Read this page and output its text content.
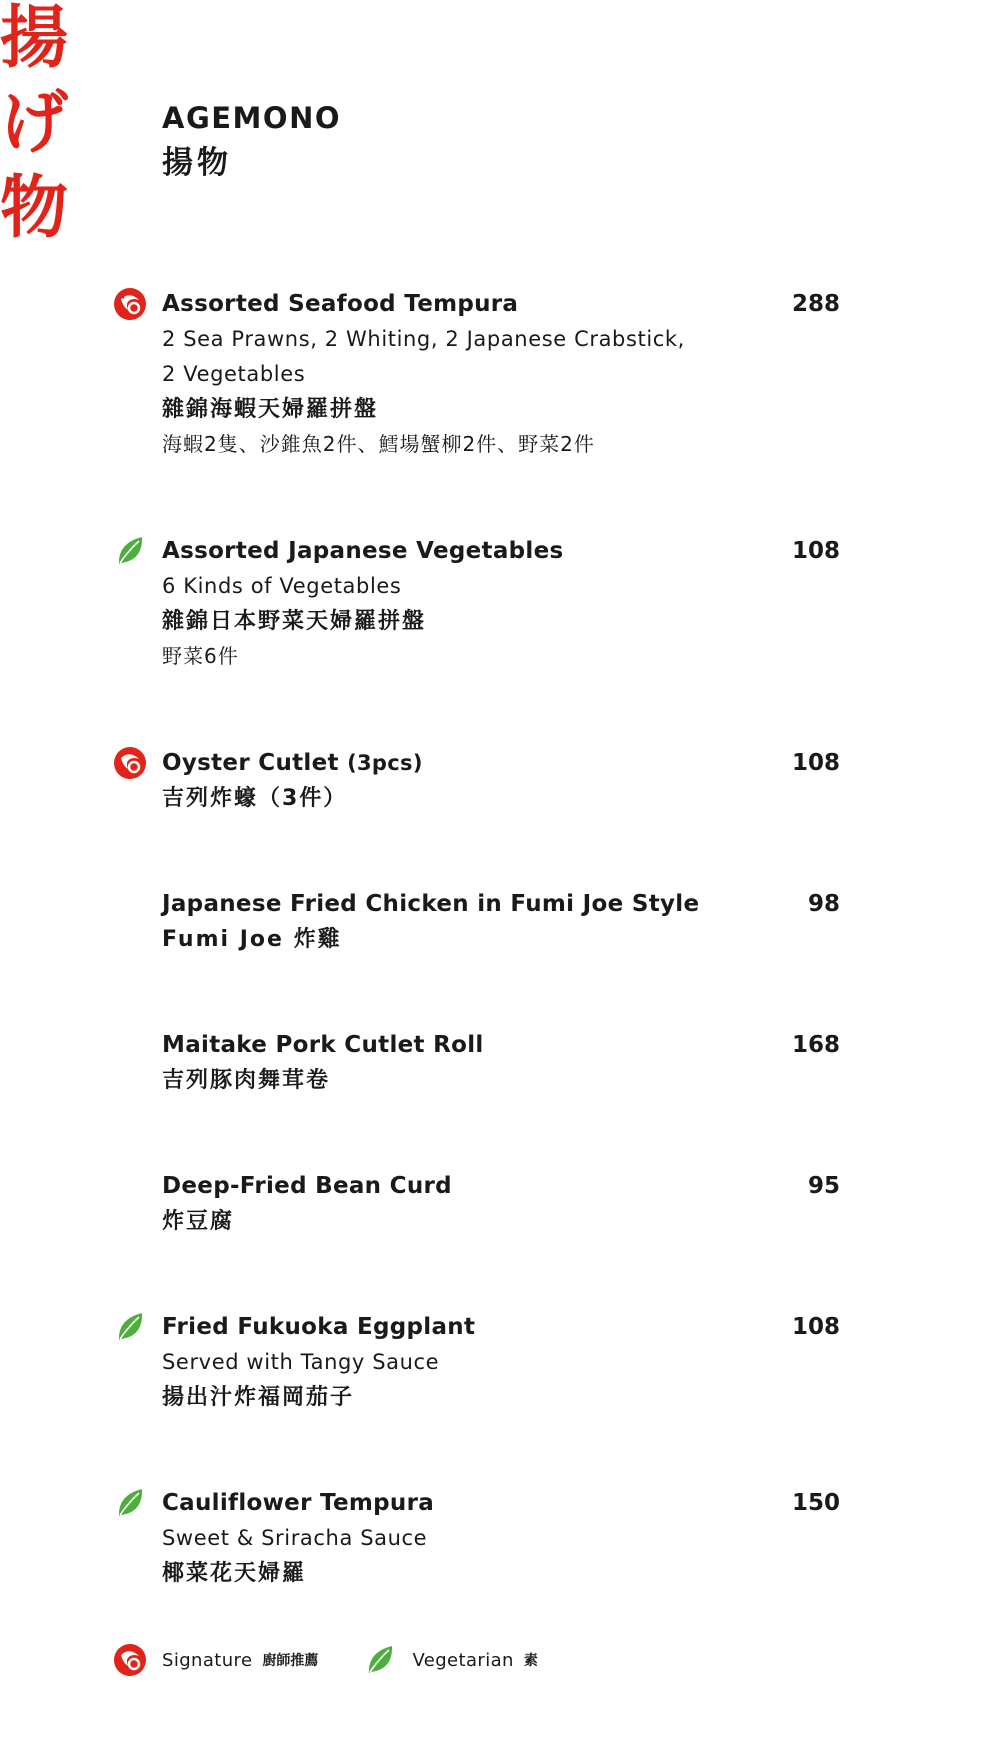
揚
げ
物
AGEMONO
揚物
Assorted Seafood Tempura
2 Sea Prawns, 2 Whiting, 2 Japanese Crabstick,
2 Vegetables
雜錦海蝦天婦羅拼盤
海蝦2隻、沙錐魚2件、鱈場蟹柳2件、野菜2件
288
Assorted Japanese Vegetables
6 Kinds of Vegetables
雜錦日本野菜天婦羅拼盤
野菜6件
108
Oyster Cutlet (3pcs)
吉列炸蠔（3件）
108
Japanese Fried Chicken in Fumi Joe Style
Fumi Joe 炸雞
98
Maitake Pork Cutlet Roll
吉列豚肉舞茸卷
168
Deep-Fried Bean Curd
炸豆腐
95
Fried Fukuoka Eggplant
Served with Tangy Sauce
揚出汁炸福岡茄子
108
Cauliflower Tempura
Sweet & Sriracha Sauce
椰菜花天婦羅
150
Signature 廚師推薦	Vegetarian 素
